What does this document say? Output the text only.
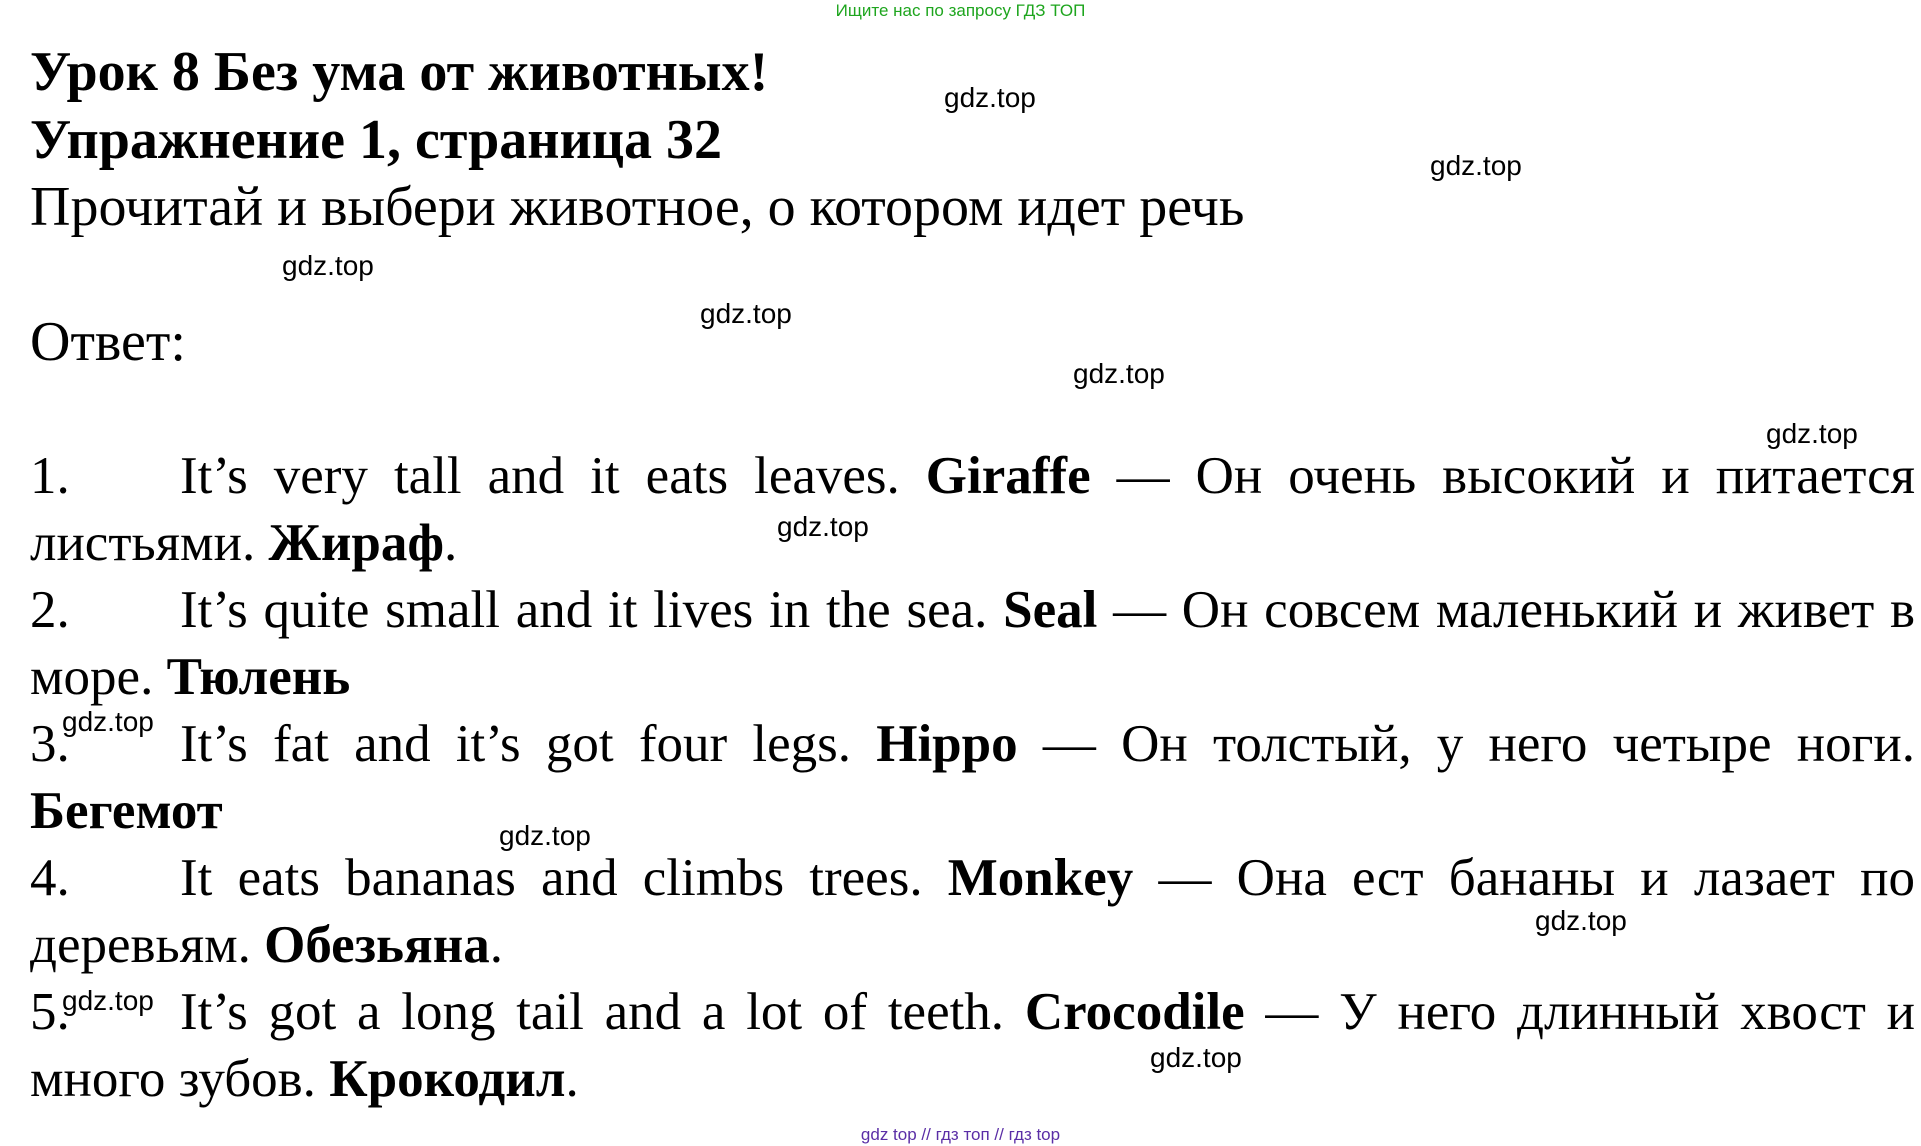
Ищите нас по запросу ГДЗ ТОП
Урок 8 Без ума от животных!
Упражнение 1, страница 32
Прочитай и выбери животное, о котором идет речь
Ответ:
1. It’s very tall and it eats leaves. Giraffe — Он очень высокий и питается листьями. Жираф.
2. It’s quite small and it lives in the sea. Seal — Он совсем маленький и живет в море. Тюлень
3. It’s fat and it’s got four legs. Hippo — Он толстый, у него четыре ноги. Бегемот
4. It eats bananas and climbs trees. Monkey — Она ест бананы и лазает по деревьям. Обезьяна.
5. It’s got a long tail and a lot of teeth. Crocodile — У него длинный хвост и много зубов. Крокодил.
gdz.top
gdz.top
gdz.top
gdz.top
gdz.top
gdz.top
gdz.top
gdz.top
gdz.top
gdz.top
gdz.top
gdz.top
gdz top // гдз топ // гдз top
